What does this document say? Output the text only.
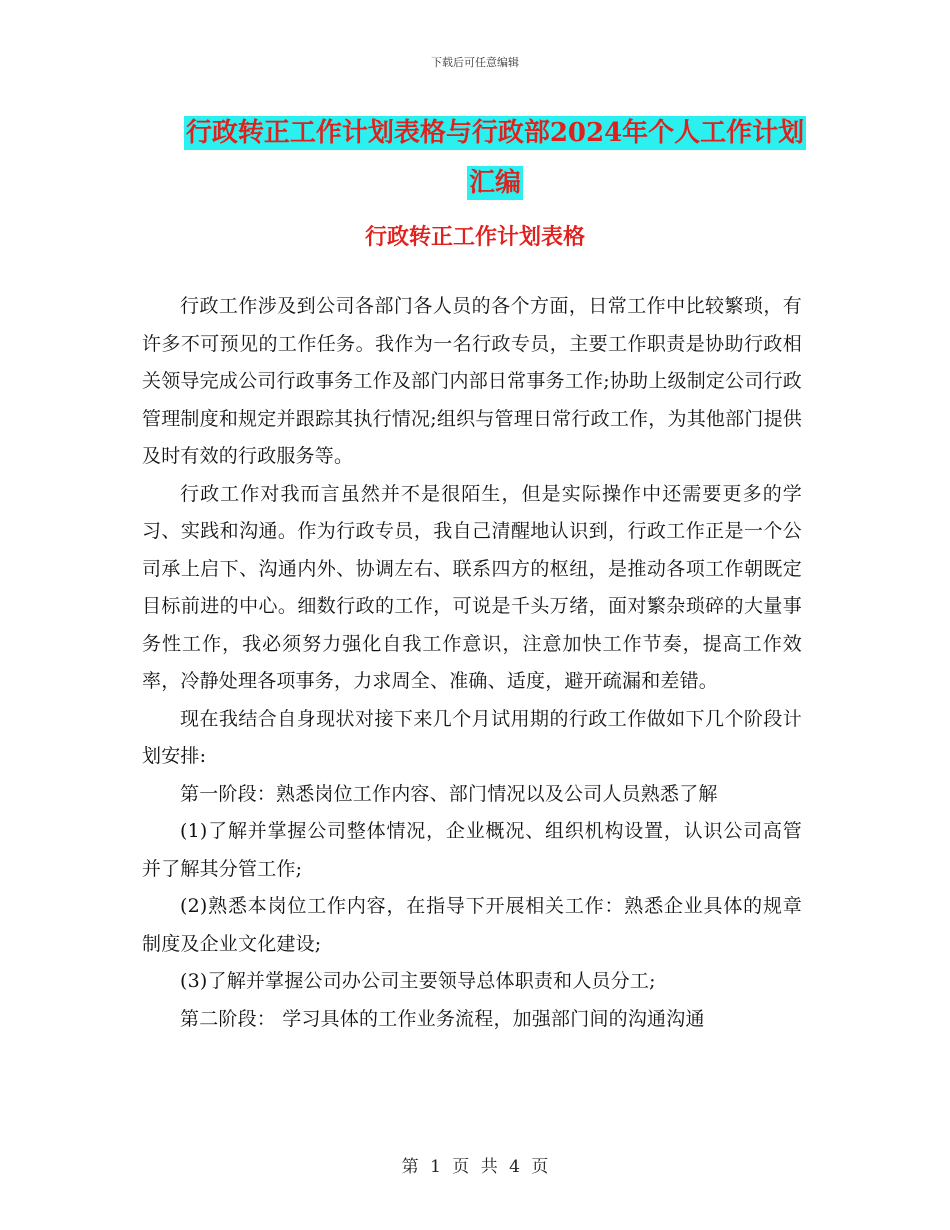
下载后可任意编辑
行政转正工作计划表格与行政部2024年个人工作计划
汇编
行政转正工作计划表格

行政工作涉及到公司各部门各人员的各个方面，日常工作中比较繁琐，有许多不可预见的工作任务。我作为一名行政专员，主要工作职责是协助行政相关领导完成公司行政事务工作及部门内部日常事务工作;协助上级制定公司行政管理制度和规定并跟踪其执行情况;组织与管理日常行政工作，为其他部门提供及时有效的行政服务等。

行政工作对我而言虽然并不是很陌生，但是实际操作中还需要更多的学习、实践和沟通。作为行政专员，我自己清醒地认识到，行政工作正是一个公司承上启下、沟通内外、协调左右、联系四方的枢纽，是推动各项工作朝既定目标前进的中心。细数行政的工作，可说是千头万绪，面对繁杂琐碎的大量事务性工作，我必须努力强化自我工作意识，注意加快工作节奏，提高工作效率，冷静处理各项事务，力求周全、准确、适度，避开疏漏和差错。

现在我结合自身现状对接下来几个月试用期的行政工作做如下几个阶段计划安排:

第一阶段：熟悉岗位工作内容、部门情况以及公司人员熟悉了解

(1)了解并掌握公司整体情况，企业概况、组织机构设置，认识公司高管并了解其分管工作;

(2)熟悉本岗位工作内容，在指导下开展相关工作：熟悉企业具体的规章制度及企业文化建设;

(3)了解并掌握公司办公司主要领导总体职责和人员分工;

第二阶段： 学习具体的工作业务流程，加强部门间的沟通沟通

第 1 页 共 4 页
